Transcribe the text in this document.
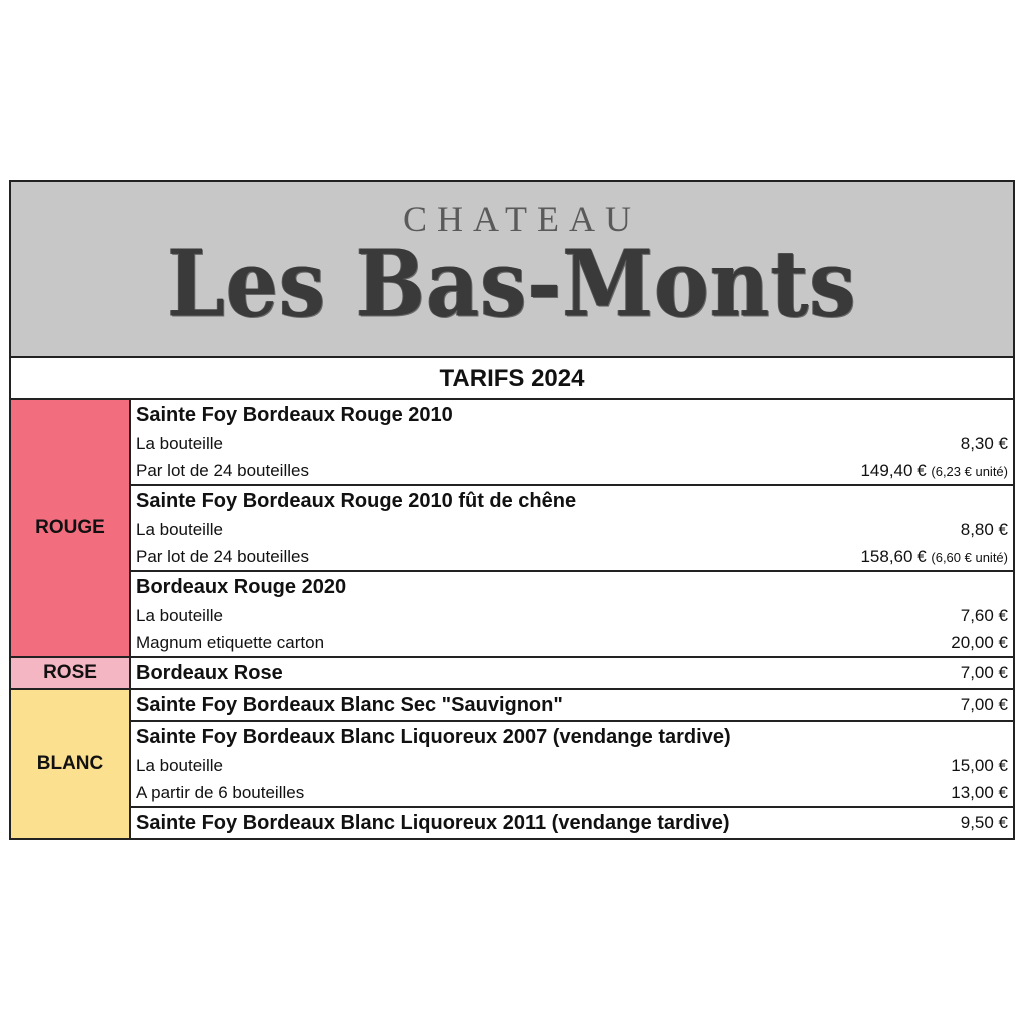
CHATEAU
Les Bas-Monts
TARIFS 2024
ROUGE
Sainte Foy Bordeaux Rouge 2010
La bouteille	8,30 €
Par lot de 24 bouteilles	149,40 € (6,23 € unité)
Sainte Foy Bordeaux Rouge 2010 fût de chêne
La bouteille	8,80 €
Par lot de 24 bouteilles	158,60 € (6,60 € unité)
Bordeaux Rouge 2020
La bouteille	7,60 €
Magnum etiquette carton	20,00 €
ROSE	Bordeaux Rose	7,00 €
BLANC
Sainte Foy Bordeaux Blanc Sec "Sauvignon"	7,00 €
Sainte Foy Bordeaux Blanc Liquoreux 2007 (vendange tardive)
La bouteille	15,00 €
A partir de 6 bouteilles	13,00 €
Sainte Foy Bordeaux Blanc Liquoreux 2011 (vendange tardive)	9,50 €
